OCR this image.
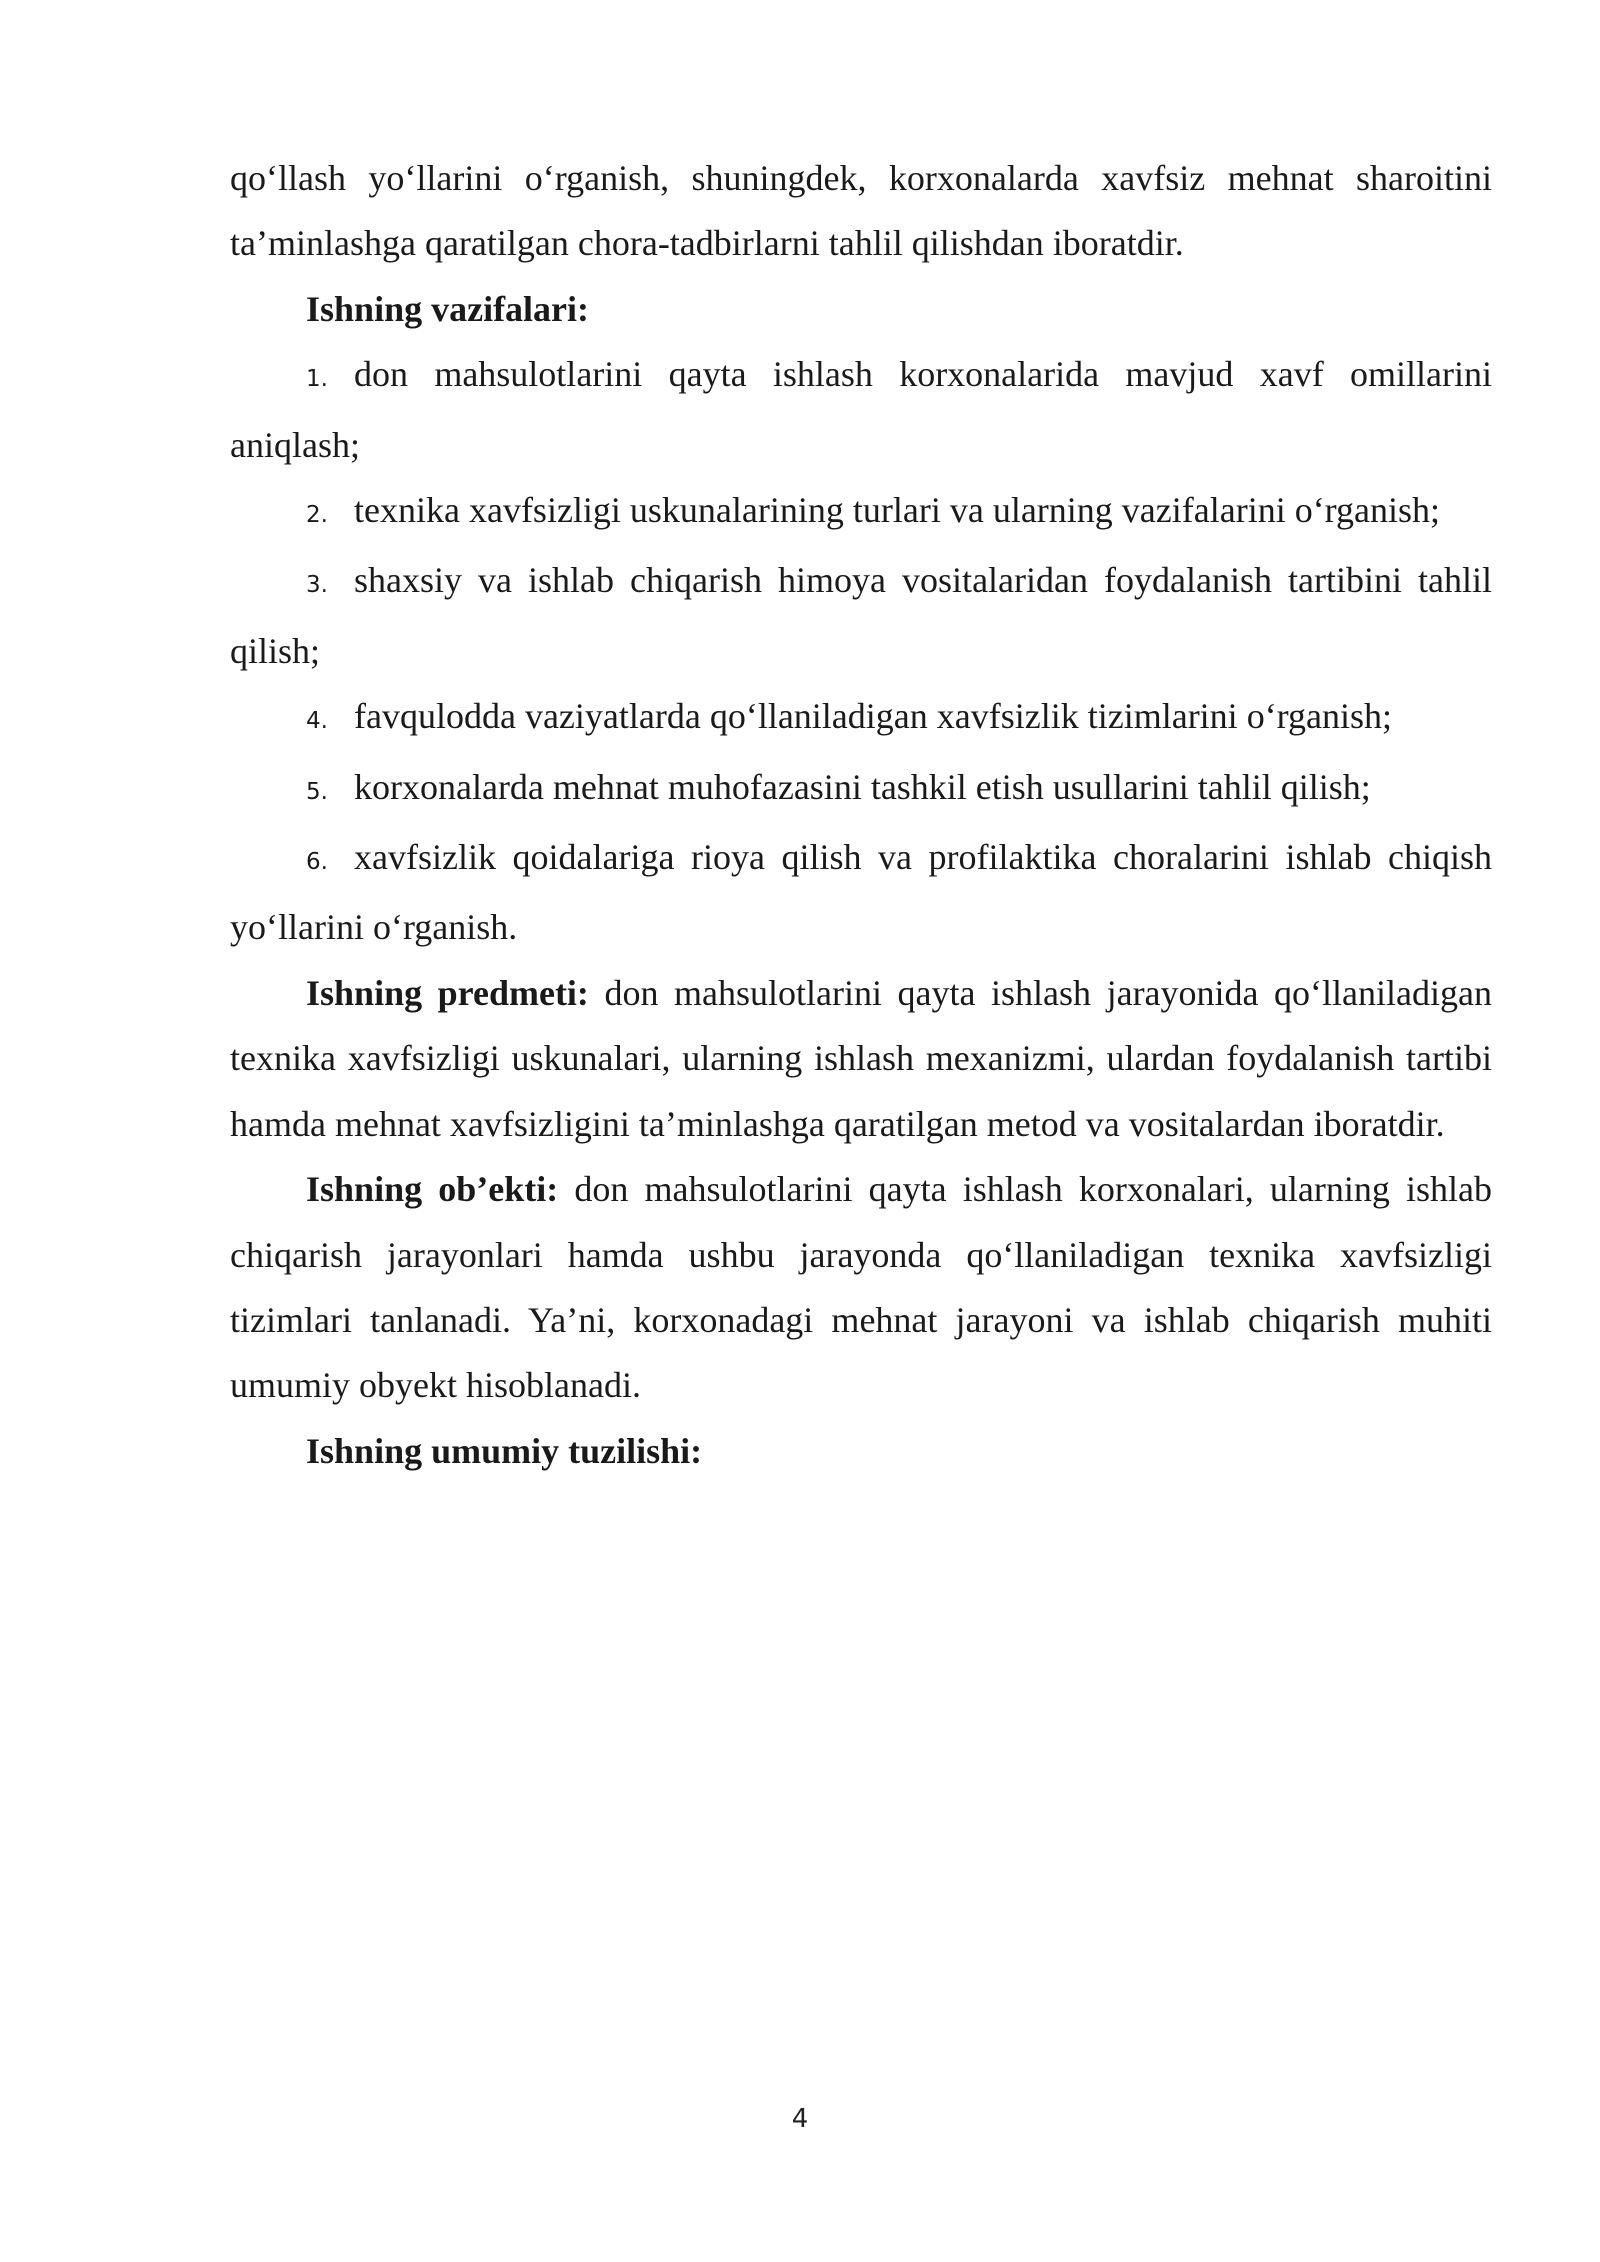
qo‘llash yo‘llarini o‘rganish, shuningdek, korxonalarda xavfsiz mehnat sharoitini ta’minlashga qaratilgan chora-tadbirlarni tahlil qilishdan iboratdir.

Ishning vazifalari:

1. don mahsulotlarini qayta ishlash korxonalarida mavjud xavf omillarini aniqlash;

2. texnika xavfsizligi uskunalarining turlari va ularning vazifalarini o‘rganish;

3. shaxsiy va ishlab chiqarish himoya vositalaridan foydalanish tartibini tahlil qilish;

4. favqulodda vaziyatlarda qo‘llaniladigan xavfsizlik tizimlarini o‘rganish;

5. korxonalarda mehnat muhofazasini tashkil etish usullarini tahlil qilish;

6. xavfsizlik qoidalariga rioya qilish va profilaktika choralarini ishlab chiqish yo‘llarini o‘rganish.

Ishning predmeti: don mahsulotlarini qayta ishlash jarayonida qo‘llaniladigan texnika xavfsizligi uskunalari, ularning ishlash mexanizmi, ulardan foydalanish tartibi hamda mehnat xavfsizligini ta’minlashga qaratilgan metod va vositalardan iboratdir.

Ishning ob’ekti: don mahsulotlarini qayta ishlash korxonalari, ularning ishlab chiqarish jarayonlari hamda ushbu jarayonda qo‘llaniladigan texnika xavfsizligi tizimlari tanlanadi. Ya’ni, korxonadagi mehnat jarayoni va ishlab chiqarish muhiti umumiy obyekt hisoblanadi.

Ishning umumiy tuzilishi:

4
